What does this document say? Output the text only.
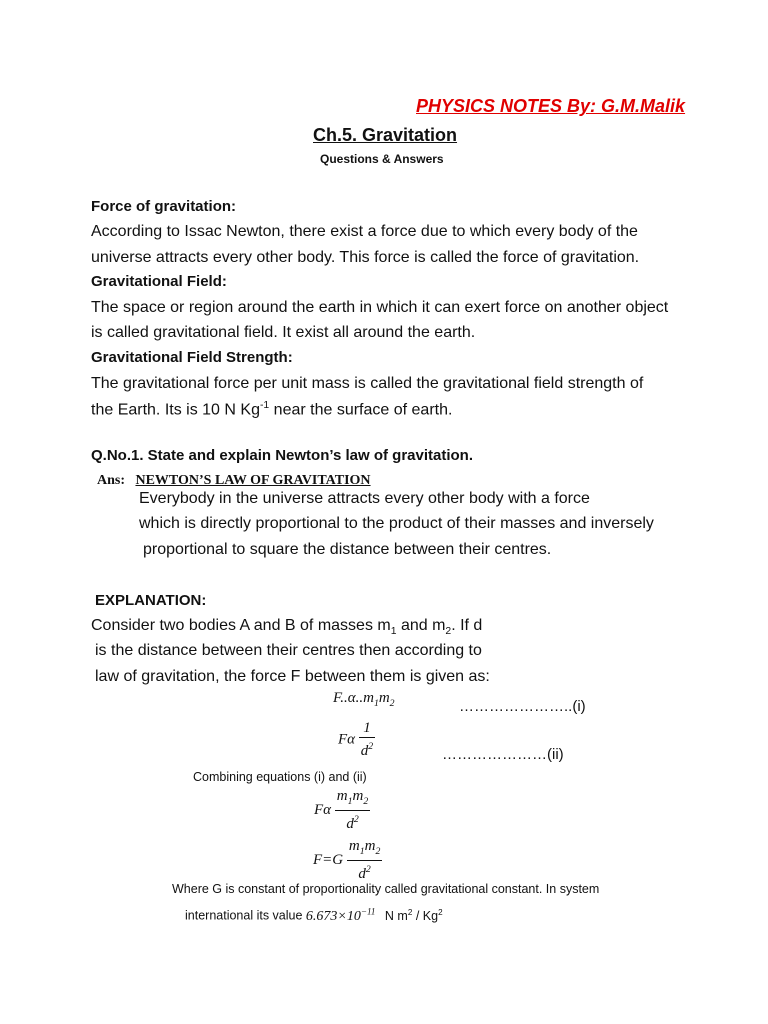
PHYSICS NOTES By: G.M.Malik
Ch.5. Gravitation
Questions & Answers
Force of gravitation:
According to Issac Newton, there exist a force due to which every body of the
universe attracts every other body. This force is called the force of gravitation.
Gravitational Field:
The space or region around the earth in which it can exert force on another object
is called gravitational field. It exist all around the earth.
Gravitational Field Strength:
The gravitational force per unit mass is called the gravitational field strength of
the Earth. Its is 10 N $Kg^{-1}$ near the surface of earth.
Q.No.1. State and explain Newton’s law of gravitation.
Ans: NEWTON’S LAW OF GRAVITATION
Everybody in the universe attracts every other body with a force
which is directly proportional to the product of their masses and inversely
proportional to square the distance between their centres.
EXPLANATION:
Consider two bodies A and B of masses $m_1$ and $m_2$. If d
is the distance between their centres then according to
law of gravitation, the force F between them is given as:
$F..\alpha..m_1m_2$	…………………..(i)
Fα $\frac{1}{d^2}$	…………………(ii)
Combining equations (i) and (ii)
Fα $\frac{m_1m_2}{d^2}$
$F=G \frac{m_1m_2}{d^2}$
Where G is constant of proportionality called gravitational constant. In system
international its value $6.673\times 10^{-11}$ N $m^2 / Kg^2$
